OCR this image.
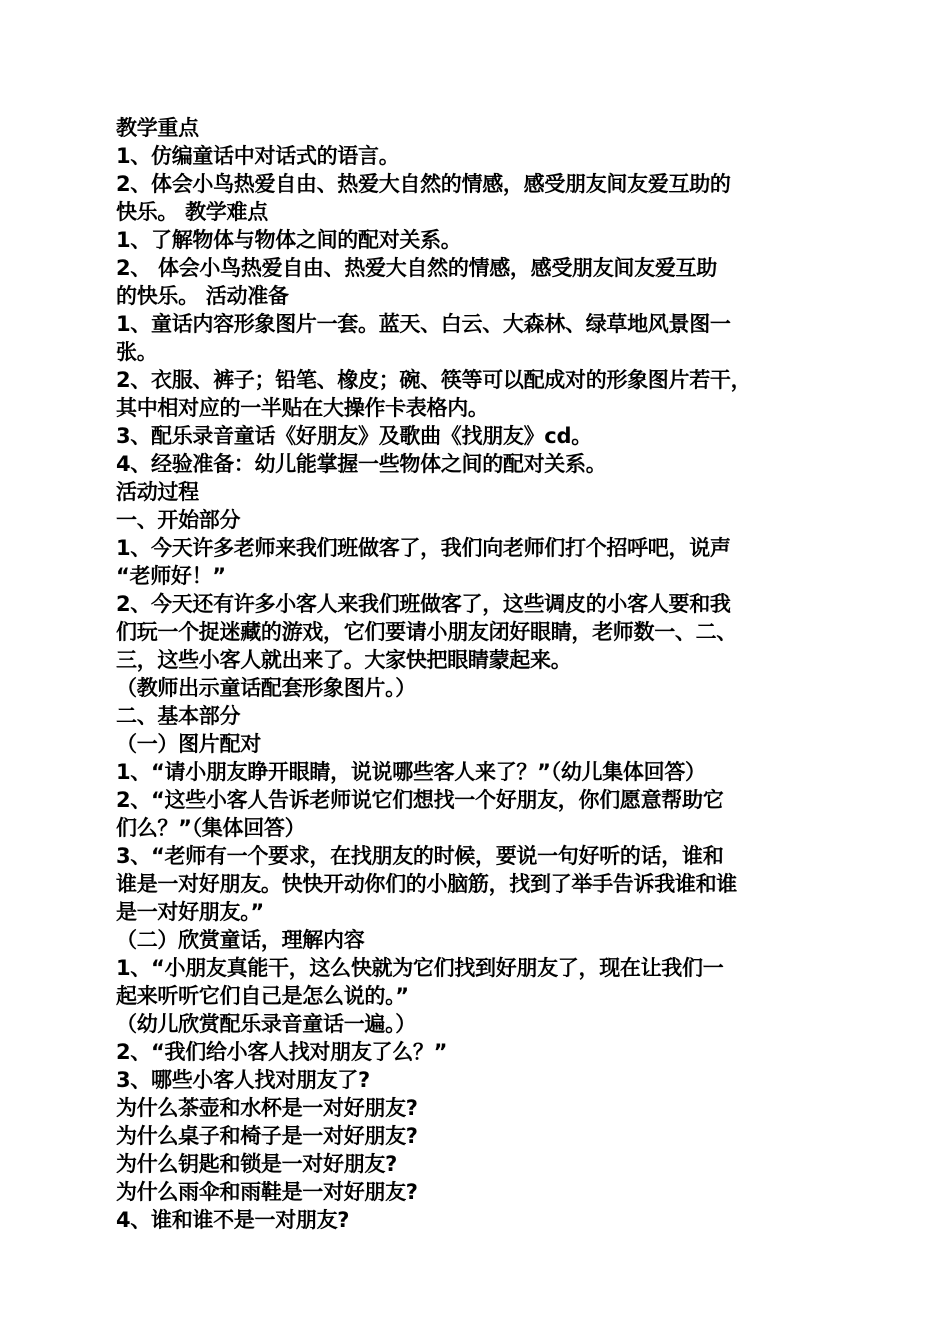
教学重点
1、仿编童话中对话式的语言。
2、体会小鸟热爱自由、热爱大自然的情感，感受朋友间友爱互助的
快乐。 教学难点
1、了解物体与物体之间的配对关系。
2、 体会小鸟热爱自由、热爱大自然的情感，感受朋友间友爱互助
的快乐。 活动准备
1、童话内容形象图片一套。蓝天、白云、大森林、绿草地风景图一
张。
2、衣服、裤子；铅笔、橡皮；碗、筷等可以配成对的形象图片若干，
其中相对应的一半贴在大操作卡表格内。
3、配乐录音童话《好朋友》及歌曲《找朋友》cd。
4、经验准备：幼儿能掌握一些物体之间的配对关系。
活动过程
一、开始部分
1、今天许多老师来我们班做客了，我们向老师们打个招呼吧，说声
“老师好！”
2、今天还有许多小客人来我们班做客了，这些调皮的小客人要和我
们玩一个捉迷藏的游戏，它们要请小朋友闭好眼睛，老师数一、二、
三，这些小客人就出来了。大家快把眼睛蒙起来。
（教师出示童话配套形象图片。）
二、基本部分
（一）图片配对
1、“请小朋友睁开眼睛，说说哪些客人来了？”（幼儿集体回答）
2、“这些小客人告诉老师说它们想找一个好朋友，你们愿意帮助它
们么？”（集体回答）
3、“老师有一个要求，在找朋友的时候，要说一句好听的话，谁和
谁是一对好朋友。快快开动你们的小脑筋，找到了举手告诉我谁和谁
是一对好朋友。”
（二）欣赏童话，理解内容
1、“小朋友真能干，这么快就为它们找到好朋友了，现在让我们一
起来听听它们自己是怎么说的。”
（幼儿欣赏配乐录音童话一遍。）
2、“我们给小客人找对朋友了么？”
3、哪些小客人找对朋友了?
为什么茶壶和水杯是一对好朋友?
为什么桌子和椅子是一对好朋友?
为什么钥匙和锁是一对好朋友?
为什么雨伞和雨鞋是一对好朋友?
4、谁和谁不是一对朋友?
